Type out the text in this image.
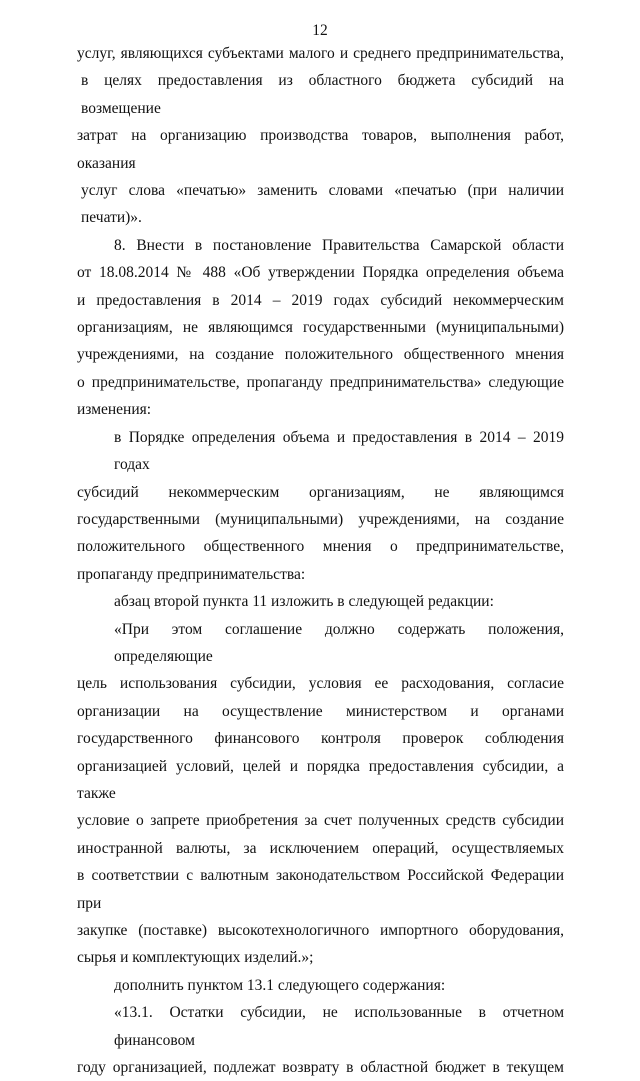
12
услуг, являющихся субъектами малого и среднего предпринимательства,
в целях предоставления из областного бюджета субсидий на возмещение
затрат на организацию производства товаров, выполнения работ, оказания
услуг слова «печатью» заменить словами «печатью (при наличии печати)».
8. Внести в постановление Правительства Самарской области
от 18.08.2014 № 488 «Об утверждении Порядка определения объема
и предоставления в 2014 – 2019 годах субсидий некоммерческим
организациям, не являющимся государственными (муниципальными)
учреждениями, на создание положительного общественного мнения
о предпринимательстве, пропаганду предпринимательства» следующие
изменения:
в Порядке определения объема и предоставления в 2014 – 2019 годах
субсидий некоммерческим организациям, не являющимся
государственными (муниципальными) учреждениями, на создание
положительного общественного мнения о предпринимательстве,
пропаганду предпринимательства:
абзац второй пункта 11 изложить в следующей редакции:
«При этом соглашение должно содержать положения, определяющие
цель использования субсидии, условия ее расходования, согласие
организации на осуществление министерством и органами
государственного финансового контроля проверок соблюдения
организацией условий, целей и порядка предоставления субсидии, а также
условие о запрете приобретения за счет полученных средств субсидии
иностранной валюты, за исключением операций, осуществляемых
в соответствии с валютным законодательством Российской Федерации при
закупке (поставке) высокотехнологичного импортного оборудования,
сырья и комплектующих изделий.»;
дополнить пунктом 13.1 следующего содержания:
«13.1. Остатки субсидии, не использованные в отчетном финансовом
году организацией, подлежат возврату в областной бюджет в текущем
